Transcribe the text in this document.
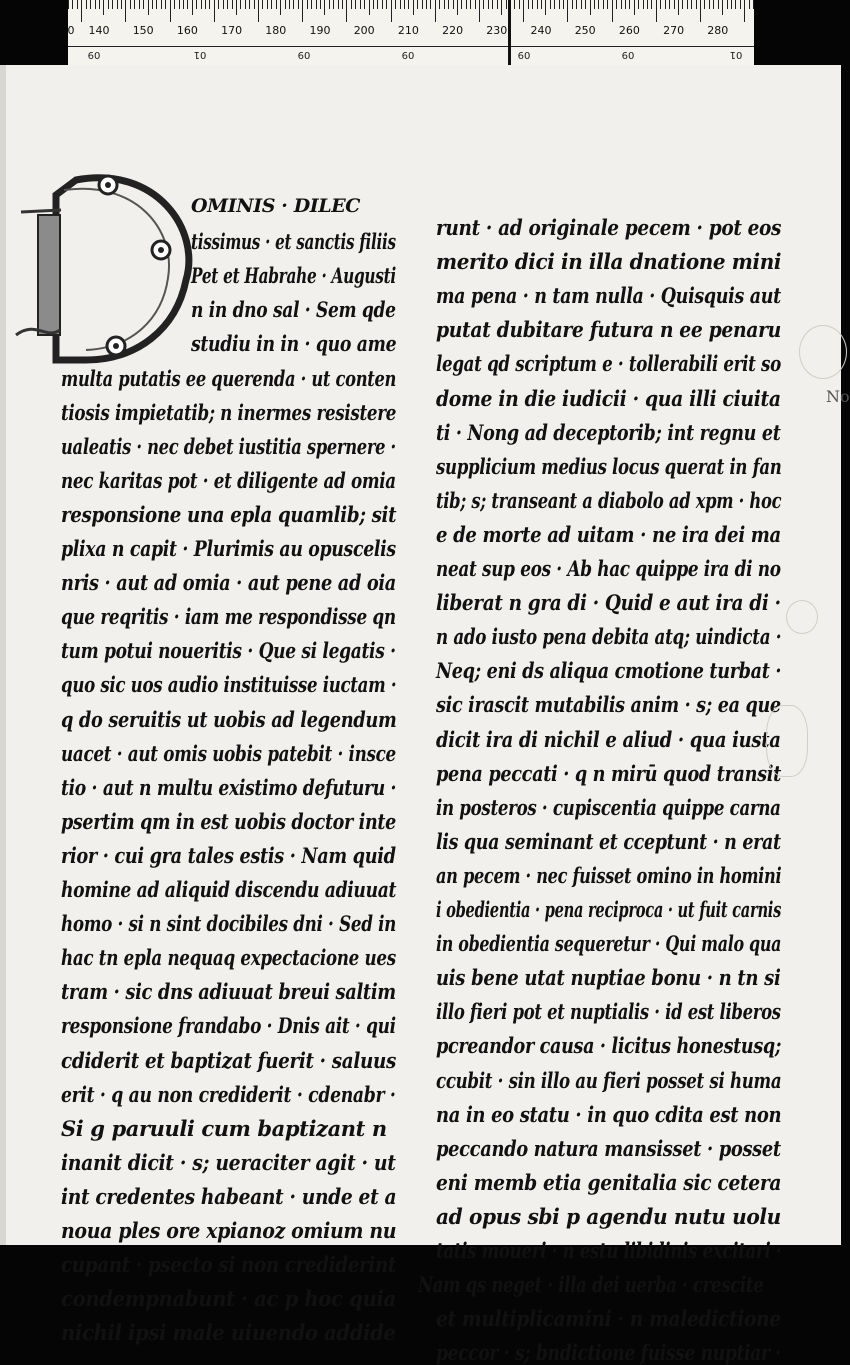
0 140 150 160 170 180 190 200 210 220 230 240 250 260 270 280
09	01	09	09	09	09	01
OMINIS · DILEC
tissimus · et sanctis filiis
Pet et Habrahe · Augusti
n in dno sal · Sem qde
studiu in in · quo ame
multa putatis ee querenda · ut conten
tiosis impietatib; n inermes resistere
ualeatis · nec debet iustitia spernere ·
nec karitas pot · et diligente ad omia
responsione una epla quamlib; sit
plixa n capit · Plurimis au opuscelis
nris · aut ad omia · aut pene ad oia
que reqritis · iam me respondisse qn
tum potui noueritis · Que si legatis ·
quo sic uos audio instituisse iuctam ·
q do seruitis ut uobis ad legendum
uacet · aut omis uobis patebit · insce
tio · aut n multu existimo defuturu ·
psertim qm in est uobis doctor inte
rior · cui gra tales estis · Nam quid
homine ad aliquid discendu adiuuat
homo · si n sint docibiles dni · Sed in
hac tn epla nequaq expectacione ues
tram · sic dns adiuuat breui saltim
responsione frandabo · Dnis ait · qui
cdiderit et baptizat fuerit · saluus
erit · q au non crediderit · cdenabr ·
Si g paruuli cum baptizant n
inanit dicit · s; ueraciter agit · ut
int credentes habeant · unde et a
noua ples ore xpianoz omium nu
cupant · psecto si non crediderint
condempnabunt · ac p hoc quia
nichil ipsi male uiuendo addide
runt · ad originale pecem · pot eos
merito dici in illa dnatione mini
ma pena · n tam nulla · Quisquis aut
putat dubitare futura n ee penaru
legat qd scriptum e · tollerabili erit so
dome in die iudicii · qua illi ciuita
ti · Nong ad deceptorib; int regnu et
supplicium medius locus querat in fan
tib; s; transeant a diabolo ad xpm · hoc
e de morte ad uitam · ne ira dei ma
neat sup eos · Ab hac quippe ira di no
liberat n gra di · Quid e aut ira di ·
n ado iusto pena debita atq; uindicta ·
Neq; eni ds aliqua cmotione turbat ·
sic irascit mutabilis anim · s; ea que
dicit ira di nichil e aliud · qua iusta
pena peccati · q n mirū quod transit
in posteros · cupiscentia quippe carna
lis qua seminant et cceptunt · n erat
an pecem · nec fuisset omino in homini
i obedientia · pena reciproca · ut fuit carnis
in obedientia sequeretur · Qui malo qua
uis bene utat nuptiae bonu · n tn si
illo fieri pot et nuptialis · id est liberos
pcreandor causa · licitus honestusq;
ccubit · sin illo au fieri posset si huma
na in eo statu · in quo cdita est non
peccando natura mansisset · posset
eni memb etia genitalia sic cetera
ad opus sbi p agendu nutu uolu
tatis moueri · n estu libidinis excitari ·
Nam qs neget · illa dei uerba · crescite
et multiplicamini · n maledictione
peccor · s; bndictione fuisse nuptiar ·
No
